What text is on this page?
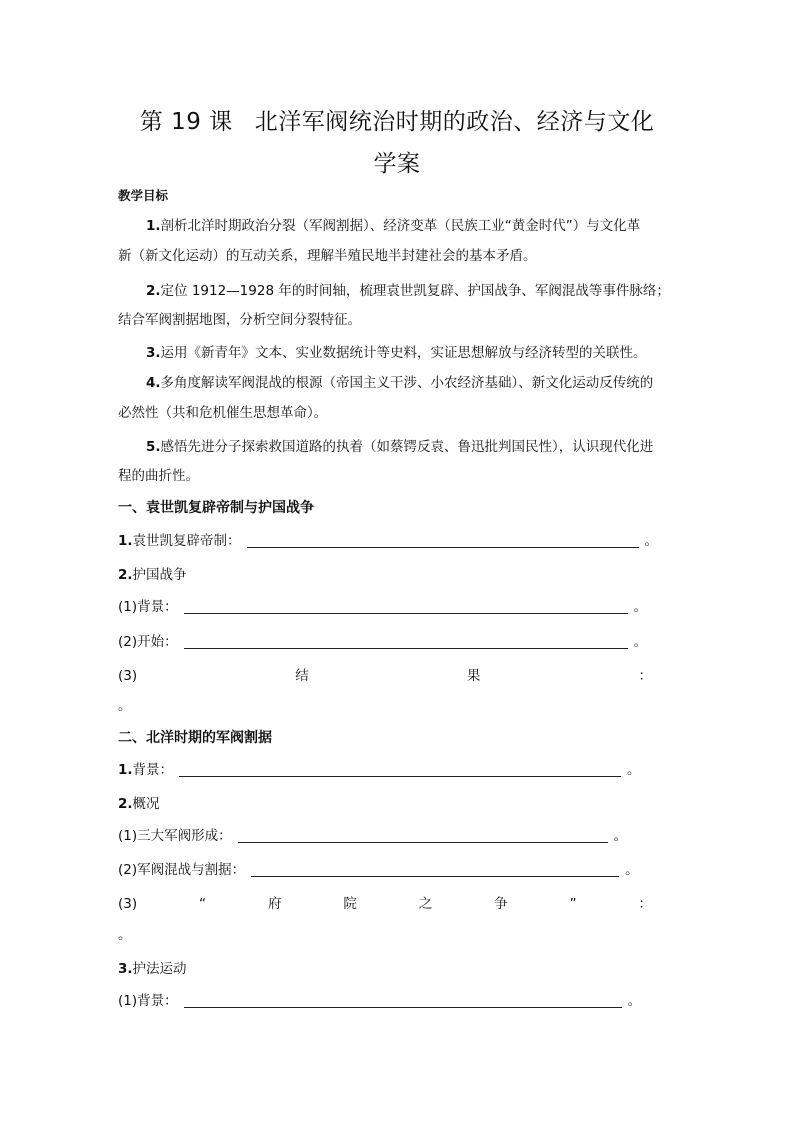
第 19 课 北洋军阀统治时期的政治、经济与文化
学案
教学目标
1.剖析北洋时期政治分裂（军阀割据）、经济变革（民族工业“黄金时代”）与文化革
新（新文化运动）的互动关系，理解半殖民地半封建社会的基本矛盾。
2.定位 1912—1928 年的时间轴，梳理袁世凯复辟、护国战争、军阀混战等事件脉络；
结合军阀割据地图，分析空间分裂特征。
3.运用《新青年》文本、实业数据统计等史料，实证思想解放与经济转型的关联性。
4.多角度解读军阀混战的根源（帝国主义干涉、小农经济基础）、新文化运动反传统的
必然性（共和危机催生思想革命）。
5.感悟先进分子探索救国道路的执着（如蔡锷反袁、鲁迅批判国民性），认识现代化进
程的曲折性。
一、袁世凯复辟帝制与护国战争
1.袁世凯复辟帝制：	。
2.护国战争
(1)背景：	。
(2)开始：	。
(3)	结	果	：
。
二、北洋时期的军阀割据
1.背景：	。
2.概况
(1)三大军阀形成：	。
(2)军阀混战与割据：	。
(3)	“	府	院	之	争	”	：
。
3.护法运动
(1)背景：	。
